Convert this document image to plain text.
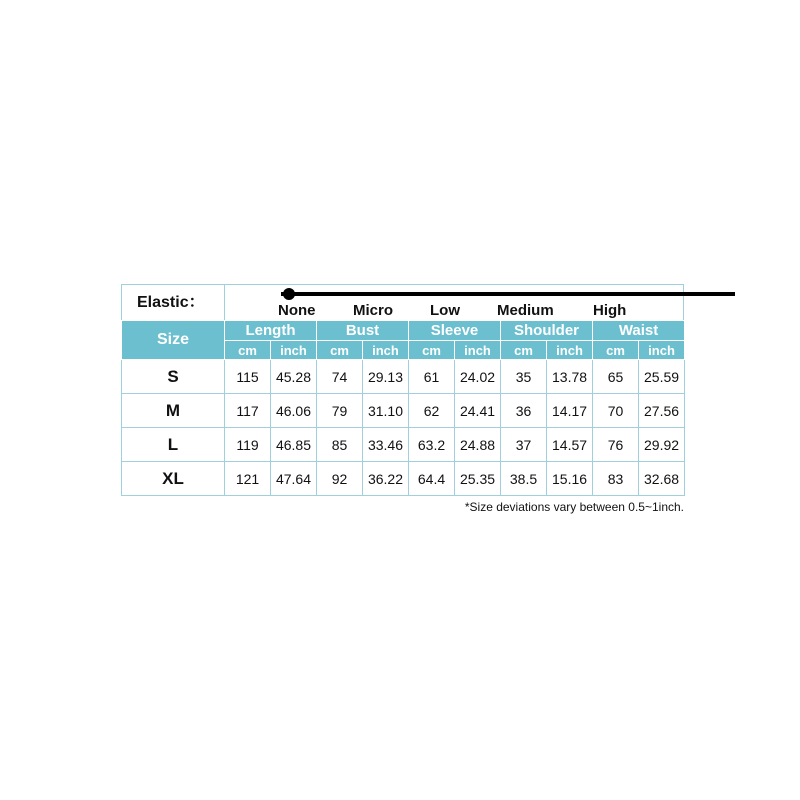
Elastic：	None	Micro Low Medium	High
Size	Length		Bust		Sleeve		Shoulder		Waist	
	cm	inch	cm	inch	cm	inch	cm	inch	cm	inch
S	115	45.28	74	29.13	61	24.02	35	13.78	65	25.59
M	117	46.06	79	31.10	62	24.41	36	14.17	70	27.56
L	119	46.85	85	33.46	63.2	24.88	37	14.57	76	29.92
XL	121	47.64	92	36.22	64.4	25.35	38.5	15.16	83	32.68
*Size deviations vary between 0.5~1inch.
